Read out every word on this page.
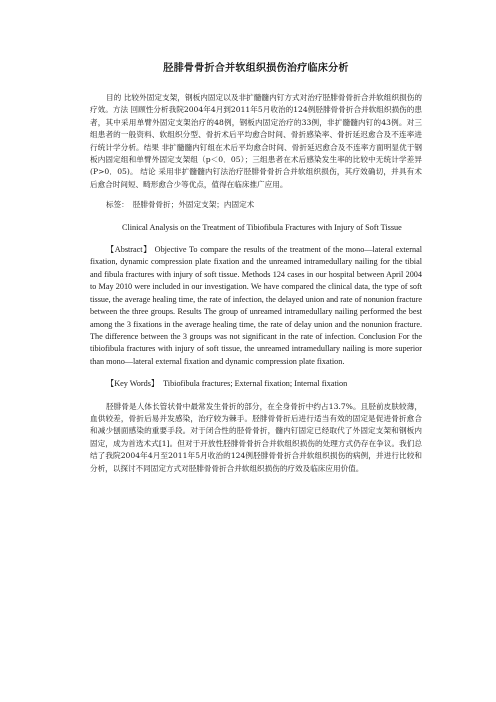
胫腓骨骨折合并软组织损伤治疗临床分析

目的 比较外固定支架，钢板内固定以及非扩髓髓内钉方式对治疗胫腓骨骨折合并软组织损伤的疗效。方法 回顾性分析我院2004年4月到2011年5月收治的124例胫腓骨骨折合并软组织损伤的患者，其中采用单臂外固定支架治疗的48例，钢板内固定治疗的33例，非扩髓髓内钉的43例。对三组患者的一般资料、软组织分型、骨折术后平均愈合时间、骨折感染率、骨折延迟愈合及不连率进行统计学分析。结果 非扩髓髓内钉组在术后平均愈合时间、骨折延迟愈合及不连率方面明显优于钢板内固定组和单臂外固定支架组（p＜0．05）；三组患者在术后感染发生率的比较中无统计学差异(P>0．05)。 结论 采用非扩髓髓内钉法治疗胫腓骨骨折合并软组织损伤，其疗效确切，并具有术后愈合时间短、畸形愈合少等优点，值得在临床推广应用。

标签： 胫腓骨骨折；外固定支架；内固定术

Clinical Analysis on the Treatment of Tibiofibula Fractures with Injury of Soft Tissue

【Abstract】 Objective To compare the results of the treatment of the mono—lateral external fixation, dynamic compression plate fixation and the unreamed intramedullary nailing for the tibial and fibula fractures with injury of soft tissue. Methods 124 cases in our hospital between April 2004 to May 2010 were included in our investigation. We have compared the clinical data, the type of soft tissue, the average healing time, the rate of infection, the delayed union and rate of nonunion fracture between the three groups. Results The group of unreamed intramedullary nailing performed the best among the 3 fixations in the average healing time, the rate of delay union and the nonunion fracture. The difference between the 3 groups was not significant in the rate of infection. Conclusion For the tibiofibula fractures with injury of soft tissue, the unreamed intramedullary nailing is more superior than mono—lateral external fixation and dynamic compression plate fixation.

【Key Words】 Tibiofibula fractures; External fixation; Internal fixation

胫腓骨是人体长管状骨中最常发生骨折的部分，在全身骨折中约占13.7%。且胫前皮肤较薄，血供较差，骨折后易并发感染，治疗较为棘手。胫腓骨骨折后进行适当有效的固定是促进骨折愈合和减少刨面感染的重要手段。对于闭合性的胫骨骨折，髓内钉固定已经取代了外固定支架和钢板内固定，成为首选术式[1]。但对于开放性胫腓骨骨折合并软组织损伤的处理方式仍存在争议。我们总结了我院2004年4月至2011年5月收治的124例胫腓骨骨折合并软组织损伤的病例，并进行比较和分析，以探讨不同固定方式对胫腓骨骨折合并软组织损伤的疗效及临床应用价值。
